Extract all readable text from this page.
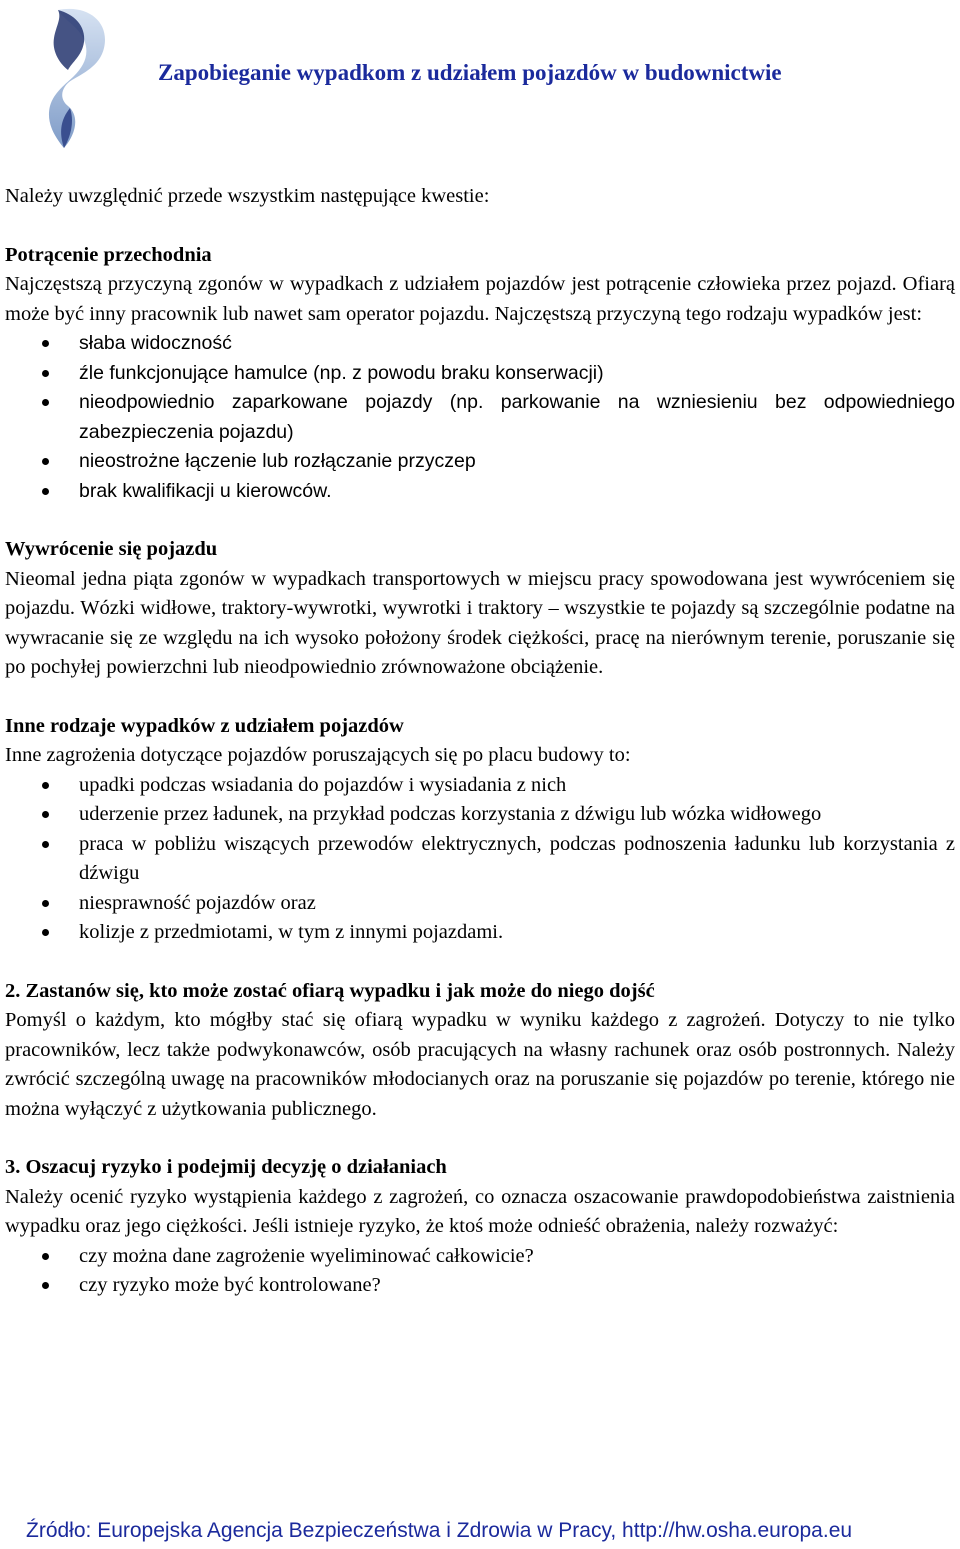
Zapobieganie wypadkom z udziałem pojazdów w budownictwie

Należy uwzględnić przede wszystkim następujące kwestie:

Potrącenie przechodnia

Najczęstszą przyczyną zgonów w wypadkach z udziałem pojazdów jest potrącenie człowieka przez pojazd. Ofiarą może być inny pracownik lub nawet sam operator pojazdu. Najczęstszą przyczyną tego rodzaju wypadków jest:

słaba widoczność
źle funkcjonujące hamulce (np. z powodu braku konserwacji)
nieodpowiednio zaparkowane pojazdy (np. parkowanie na wzniesieniu bez odpowiedniego zabezpieczenia pojazdu)
nieostrożne łączenie lub rozłączanie przyczep
brak kwalifikacji u kierowców.
Wywrócenie się pojazdu

Nieomal jedna piąta zgonów w wypadkach transportowych w miejscu pracy spowodowana jest wywróceniem się pojazdu. Wózki widłowe, traktory-wywrotki, wywrotki i traktory – wszystkie te pojazdy są szczególnie podatne na wywracanie się ze względu na ich wysoko położony środek ciężkości, pracę na nierównym terenie, poruszanie się po pochyłej powierzchni lub nieodpowiednio zrównoważone obciążenie.

Inne rodzaje wypadków z udziałem pojazdów

Inne zagrożenia dotyczące pojazdów poruszających się po placu budowy to:

upadki podczas wsiadania do pojazdów i wysiadania z nich
uderzenie przez ładunek, na przykład podczas korzystania z dźwigu lub wózka widłowego
praca w pobliżu wiszących przewodów elektrycznych, podczas podnoszenia ładunku lub korzystania z dźwigu
niesprawność pojazdów oraz
kolizje z przedmiotami, w tym z innymi pojazdami.
2. Zastanów się, kto może zostać ofiarą wypadku i jak może do niego dojść

Pomyśl o każdym, kto mógłby stać się ofiarą wypadku w wyniku każdego z zagrożeń. Dotyczy to nie tylko pracowników, lecz także podwykonawców, osób pracujących na własny rachunek oraz osób postronnych. Należy zwrócić szczególną uwagę na pracowników młodocianych oraz na poruszanie się pojazdów po terenie, którego nie można wyłączyć z użytkowania publicznego.

3. Oszacuj ryzyko i podejmij decyzję o działaniach

Należy ocenić ryzyko wystąpienia każdego z zagrożeń, co oznacza oszacowanie prawdopodobieństwa zaistnienia wypadku oraz jego ciężkości. Jeśli istnieje ryzyko, że ktoś może odnieść obrażenia, należy rozważyć:

czy można dane zagrożenie wyeliminować całkowicie?
czy ryzyko może być kontrolowane?
Źródło: Europejska Agencja Bezpieczeństwa i Zdrowia w Pracy, http://hw.osha.europa.eu
